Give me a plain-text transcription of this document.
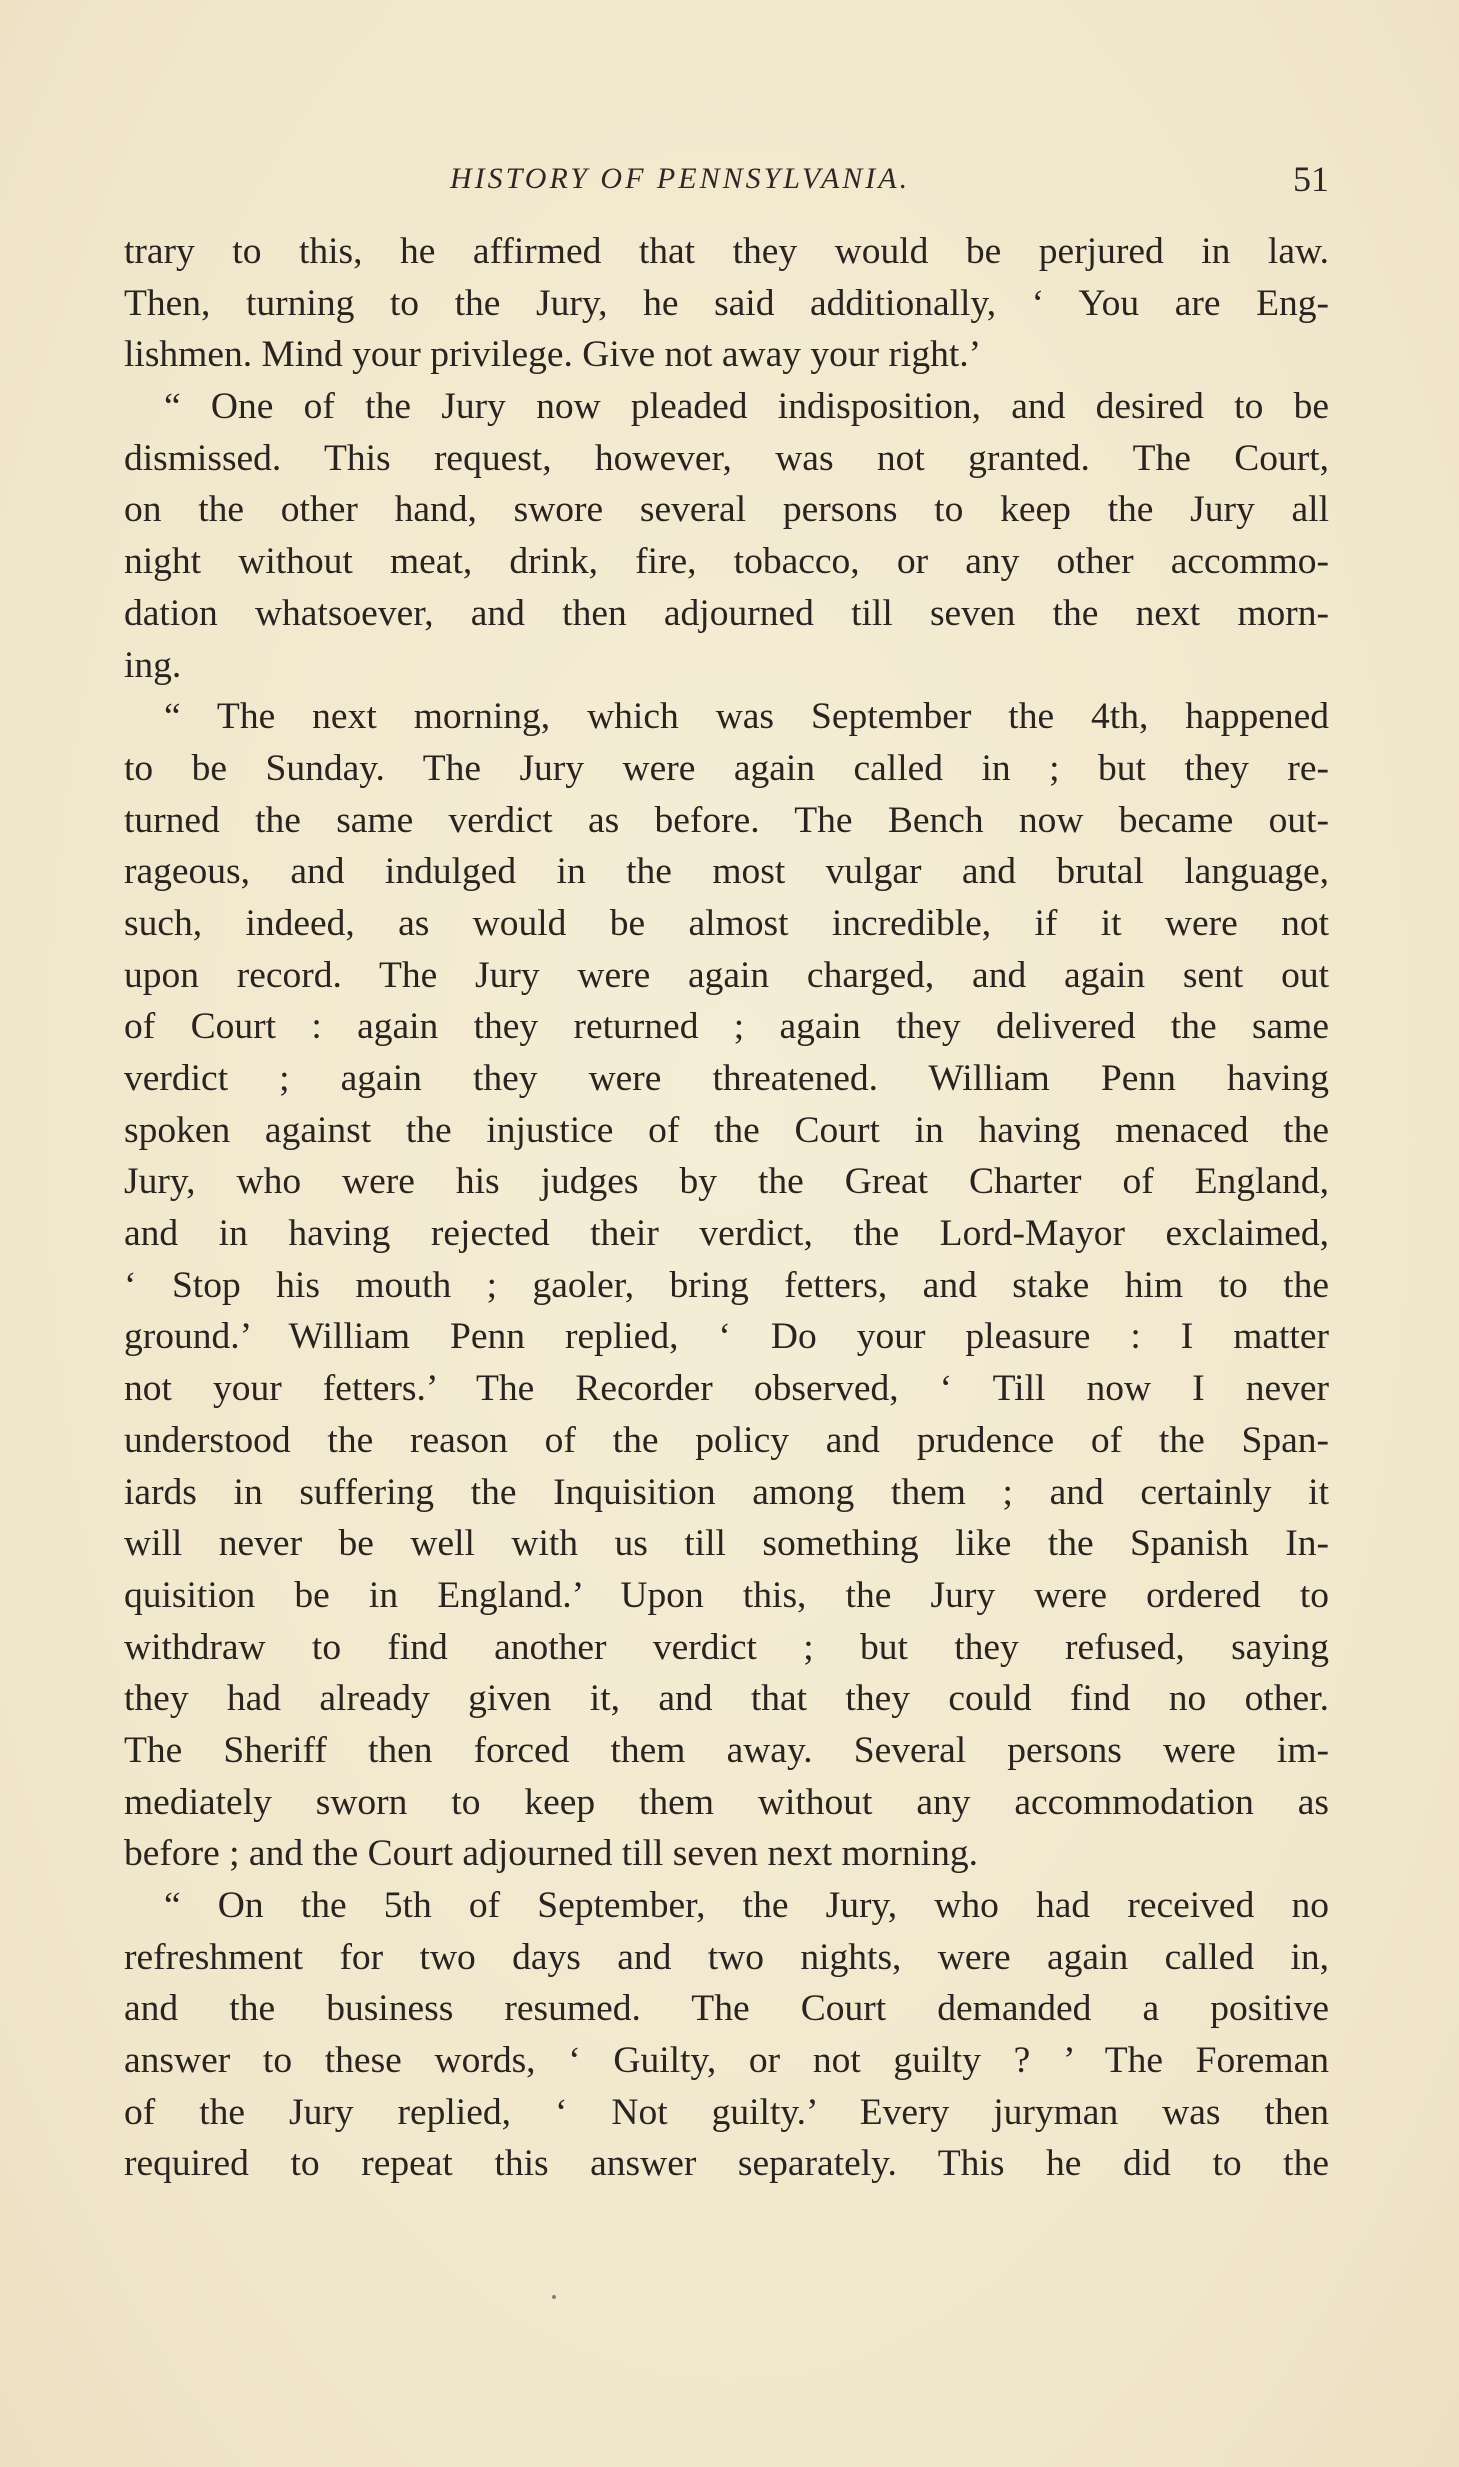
HISTORY OF PENNSYLVANIA.	51
trary to this, he affirmed that they would be perjured in law.
Then, turning to the Jury, he said additionally, ‘ You are Eng-
lishmen. Mind your privilege. Give not away your right.’
“ One of the Jury now pleaded indisposition, and desired to be
dismissed. This request, however, was not granted. The Court,
on the other hand, swore several persons to keep the Jury all
night without meat, drink, fire, tobacco, or any other accommo-
dation whatsoever, and then adjourned till seven the next morn-
ing.
“ The next morning, which was September the 4th, happened
to be Sunday. The Jury were again called in ; but they re-
turned the same verdict as before. The Bench now became out-
rageous, and indulged in the most vulgar and brutal language,
such, indeed, as would be almost incredible, if it were not
upon record. The Jury were again charged, and again sent out
of Court : again they returned ; again they delivered the same
verdict ; again they were threatened. William Penn having
spoken against the injustice of the Court in having menaced the
Jury, who were his judges by the Great Charter of England,
and in having rejected their verdict, the Lord-Mayor exclaimed,
‘ Stop his mouth ; gaoler, bring fetters, and stake him to the
ground.’ William Penn replied, ‘ Do your pleasure : I matter
not your fetters.’ The Recorder observed, ‘ Till now I never
understood the reason of the policy and prudence of the Span-
iards in suffering the Inquisition among them ; and certainly it
will never be well with us till something like the Spanish In-
quisition be in England.’ Upon this, the Jury were ordered to
withdraw to find another verdict ; but they refused, saying
they had already given it, and that they could find no other.
The Sheriff then forced them away. Several persons were im-
mediately sworn to keep them without any accommodation as
before ; and the Court adjourned till seven next morning.
“ On the 5th of September, the Jury, who had received no
refreshment for two days and two nights, were again called in,
and the business resumed. The Court demanded a positive
answer to these words, ‘ Guilty, or not guilty ? ’ The Foreman
of the Jury replied, ‘ Not guilty.’ Every juryman was then
required to repeat this answer separately. This he did to the
